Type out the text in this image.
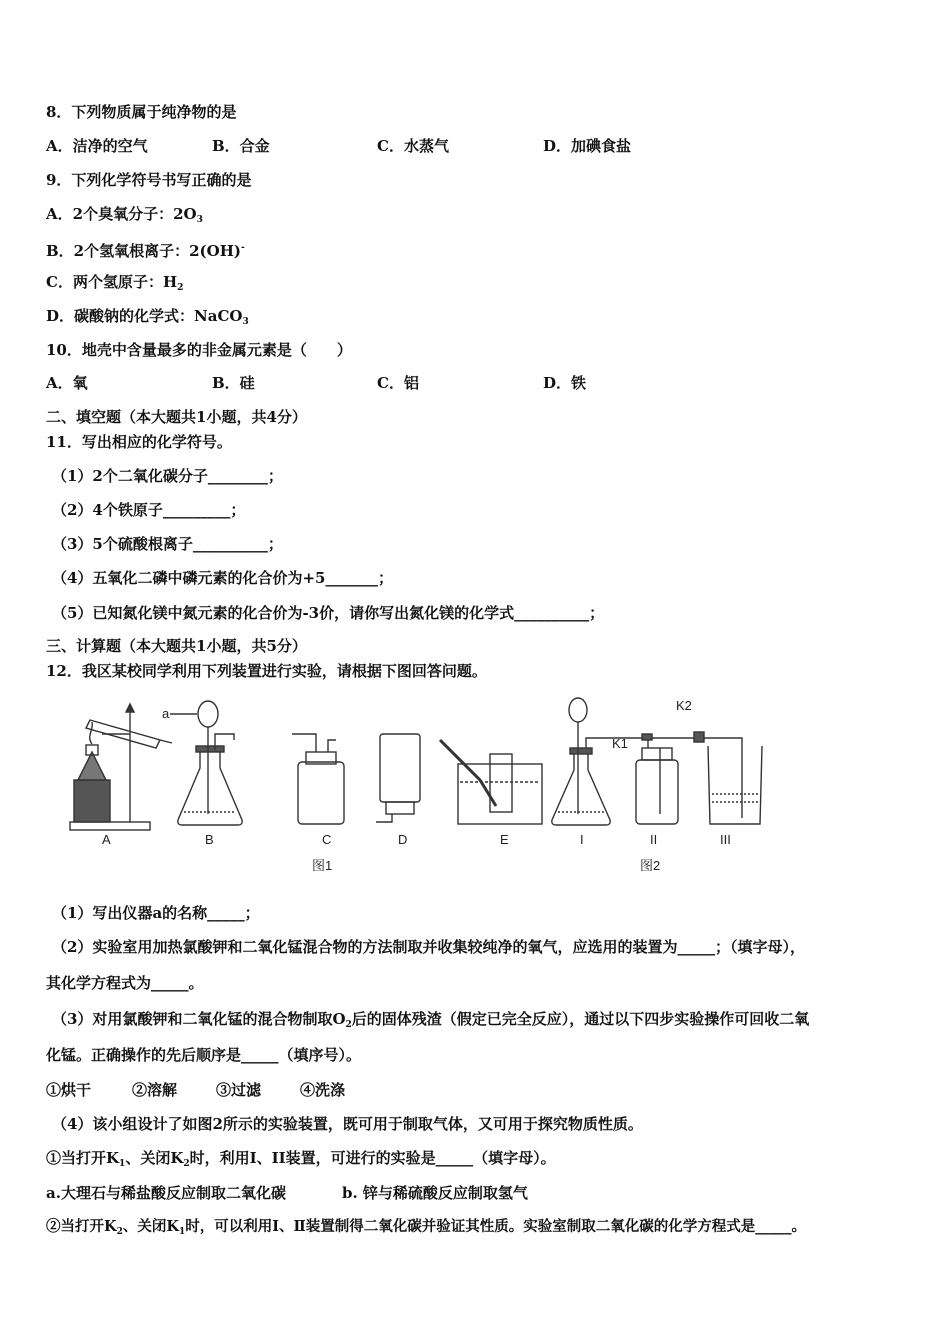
8．下列物质属于纯净物的是
A．洁净的空气	B．合金	C．水蒸气	D．加碘食盐
9．下列化学符号书写正确的是
A．2个臭氧分子：$2O_3$
B．2个氢氧根离子：2(OH)-
C．两个氢原子：$H_2$
D．碳酸钠的化学式：NaCO$_3$
10．地壳中含量最多的非金属元素是（　　）
A．氧	B．硅	C．铝	D．铁
二、填空题（本大题共1小题，共4分）
11．写出相应的化学符号。
（1）2个二氧化碳分子________；
（2）4个铁原子_________；
（3）5个硫酸根离子__________；
（4）五氧化二磷中磷元素的化合价为+5_______；
（5）已知氮化镁中氮元素的化合价为-3价，请你写出氮化镁的化学式__________；
三、计算题（本大题共1小题，共5分）
12．我区某校同学利用下列装置进行实验，请根据下图回答问题。
A	B	C	D	E	I	II	III
图1	图2
a
K1
K2
（1）写出仪器a的名称_____；
（2）实验室用加热氯酸钾和二氧化锰混合物的方法制取并收集较纯净的氧气，应选用的装置为_____；（填字母），
其化学方程式为_____。
（3）对用氯酸钾和二氧化锰的混合物制取$O_2$后的固体残渣（假定已完全反应），通过以下四步实验操作可回收二氧
化锰。正确操作的先后顺序是_____（填序号）。
①烘干	②溶解	③过滤	④洗涤
（4）该小组设计了如图2所示的实验装置，既可用于制取气体，又可用于探究物质性质。
①当打开$K_1$、关闭$K_2$时，利用I、II装置，可进行的实验是_____（填字母）。
a.大理石与稀盐酸反应制取二氧化碳	b. 锌与稀硫酸反应制取氢气
②当打开$K_2$、关闭$K_1$时，可以利用Ⅰ、Ⅱ装置制得二氧化碳并验证其性质。实验室制取二氧化碳的化学方程式是_____。
